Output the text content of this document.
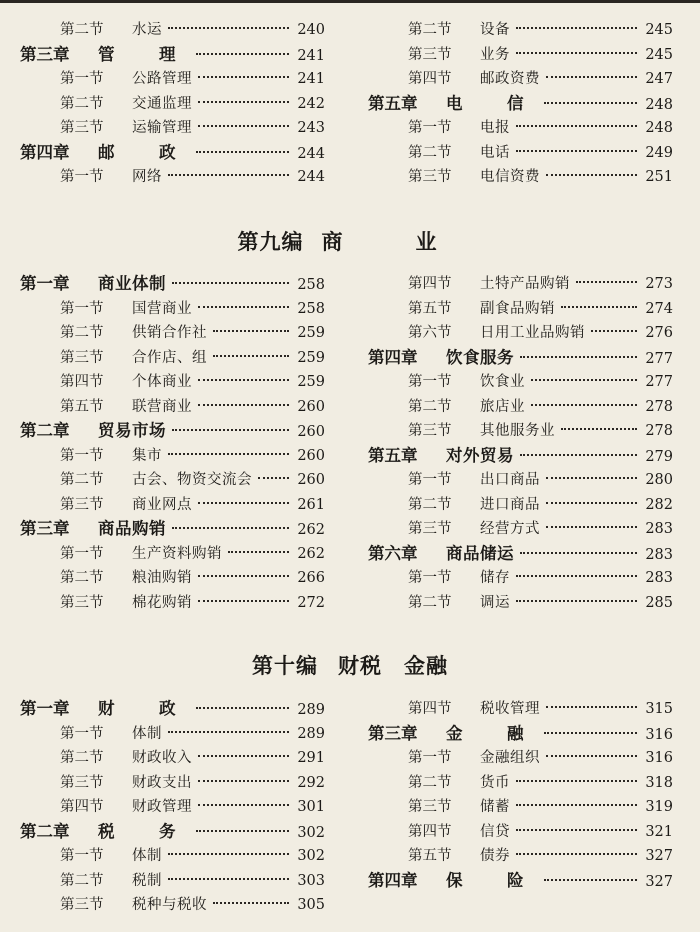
第二节	水运	240
第三章	管　理	241
第一节	公路管理	241
第二节	交通监理	242
第三节	运输管理	243
第四章	邮　政	244
第一节	网络	244
第二节	设备	245
第三节	业务	245
第四节	邮政资费	247
第五章	电　信	248
第一节	电报	248
第二节	电话	249
第三节	电信资费	251
第九编 商　业
第一章	商业体制	258
第一节	国营商业	258
第二节	供销合作社	259
第三节	合作店、组	259
第四节	个体商业	259
第五节	联营商业	260
第二章	贸易市场	260
第一节	集市	260
第二节	古会、物资交流会	260
第三节	商业网点	261
第三章	商品购销	262
第一节	生产资料购销	262
第二节	粮油购销	266
第三节	棉花购销	272
第四节	土特产品购销	273
第五节	副食品购销	274
第六节	日用工业品购销	276
第四章	饮食服务	277
第一节	饮食业	277
第二节	旅店业	278
第三节	其他服务业	278
第五章	对外贸易	279
第一节	出口商品	280
第二节	进口商品	282
第三节	经营方式	283
第六章	商品储运	283
第一节	储存	283
第二节	调运	285
第十编 财税　金融
第一章	财　政	289
第一节	体制	289
第二节	财政收入	291
第三节	财政支出	292
第四节	财政管理	301
第二章	税　务	302
第一节	体制	302
第二节	税制	303
第三节	税种与税收	305
第四节	税收管理	315
第三章	金　融	316
第一节	金融组织	316
第二节	货币	318
第三节	储蓄	319
第四节	信贷	321
第五节	债券	327
第四章	保　险	327
